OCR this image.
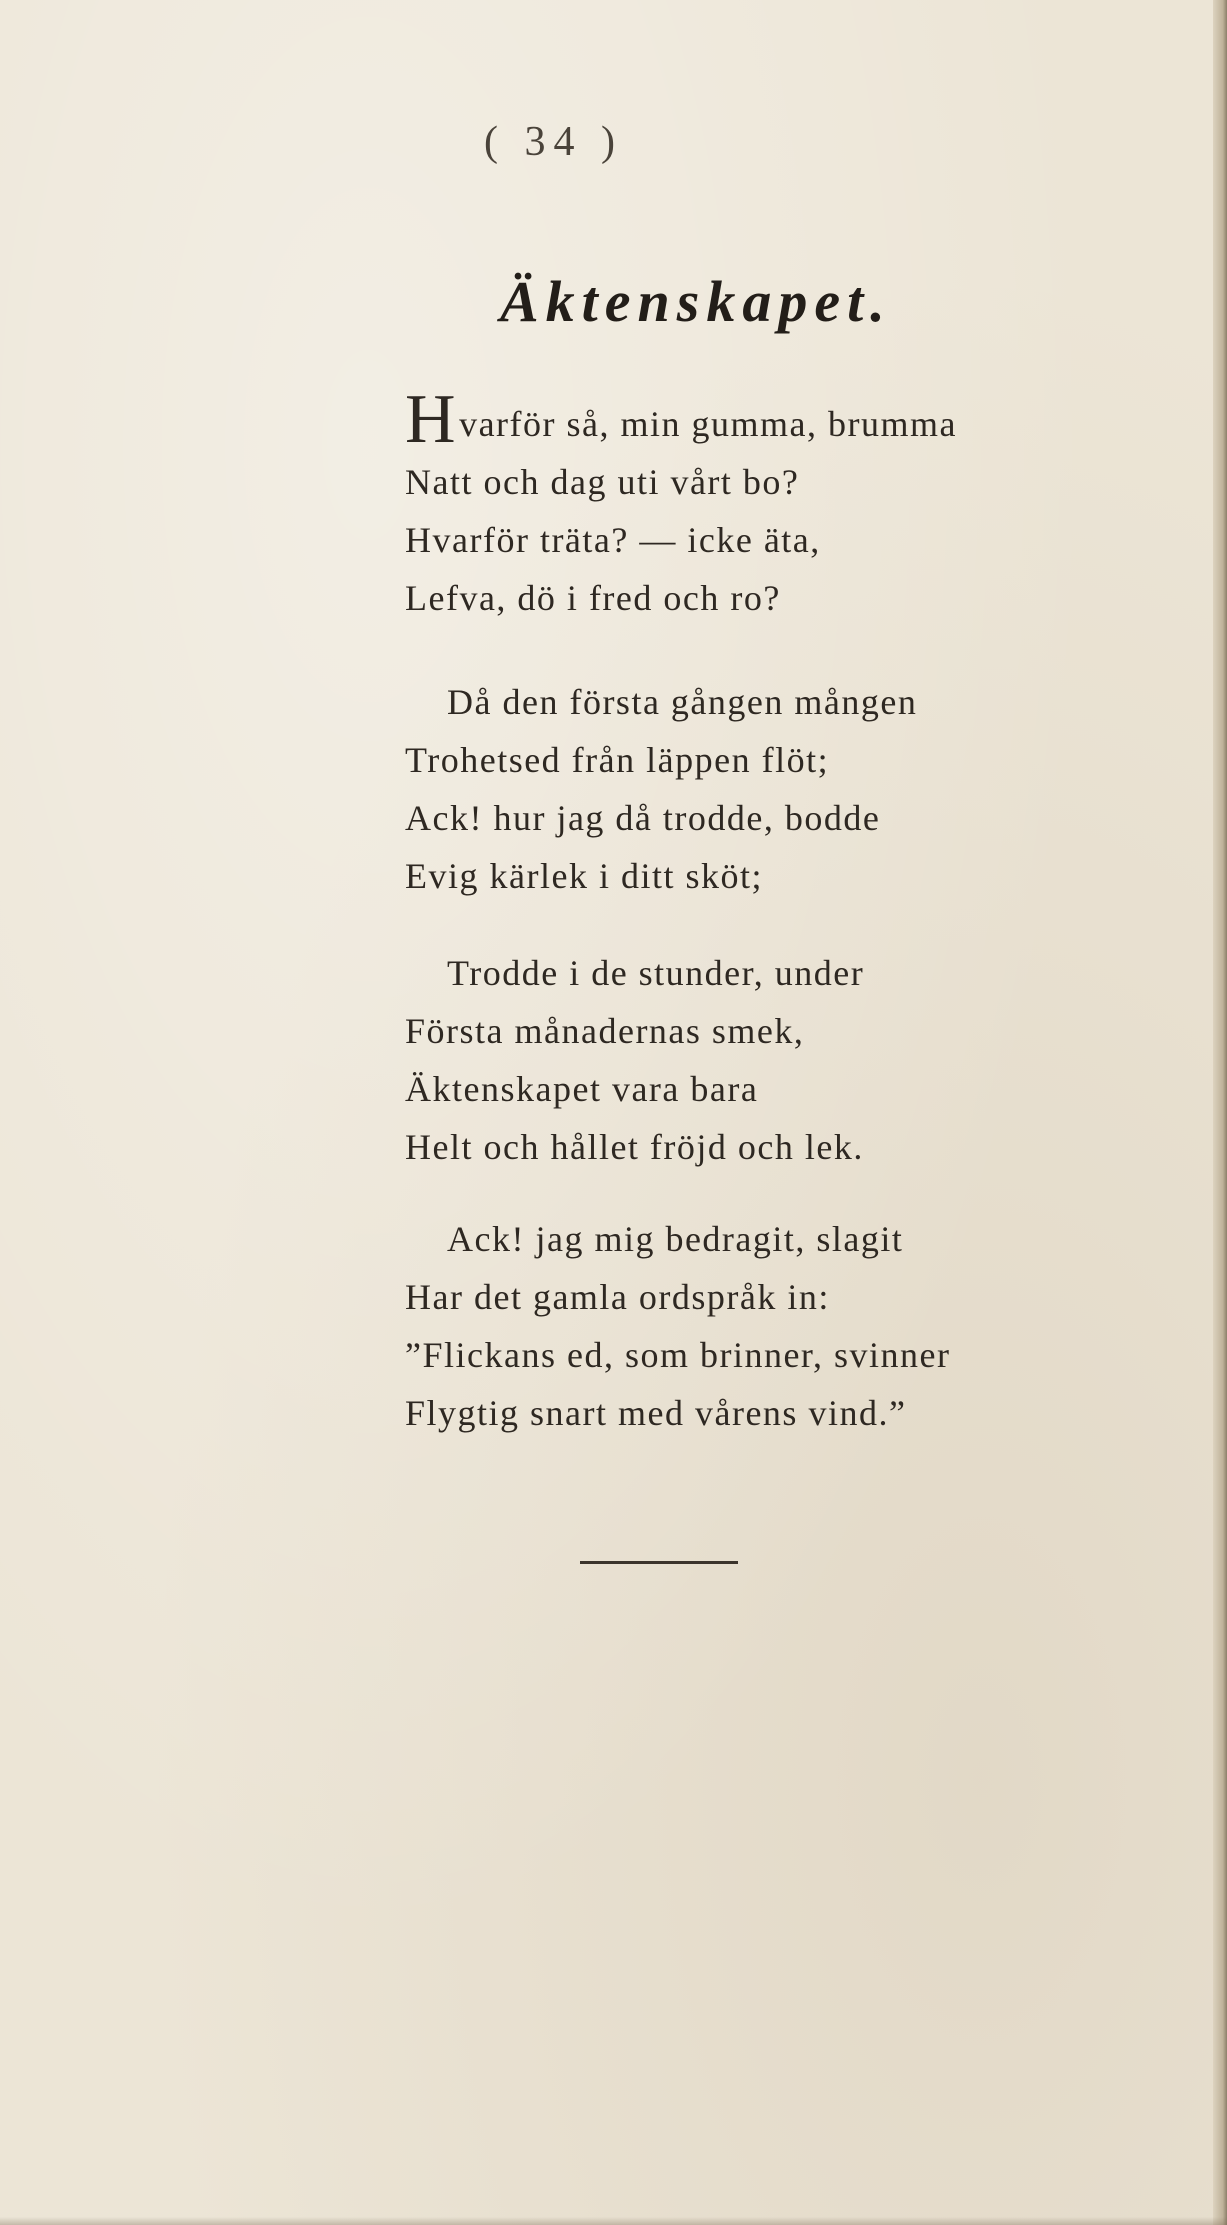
( 34 )
Äktenskapet.
Hvarför så, min gumma, brumma
Natt och dag uti vårt bo?
Hvarför träta? — icke äta,
Lefva, dö i fred och ro?
Då den första gången mången
Trohetsed från läppen flöt;
Ack! hur jag då trodde, bodde
Evig kärlek i ditt sköt;
Trodde i de stunder, under
Första månadernas smek,
Äktenskapet vara bara
Helt och hållet fröjd och lek.
Ack! jag mig bedragit, slagit
Har det gamla ordspråk in:
”Flickans ed, som brinner, svinner
Flygtig snart med vårens vind.”
